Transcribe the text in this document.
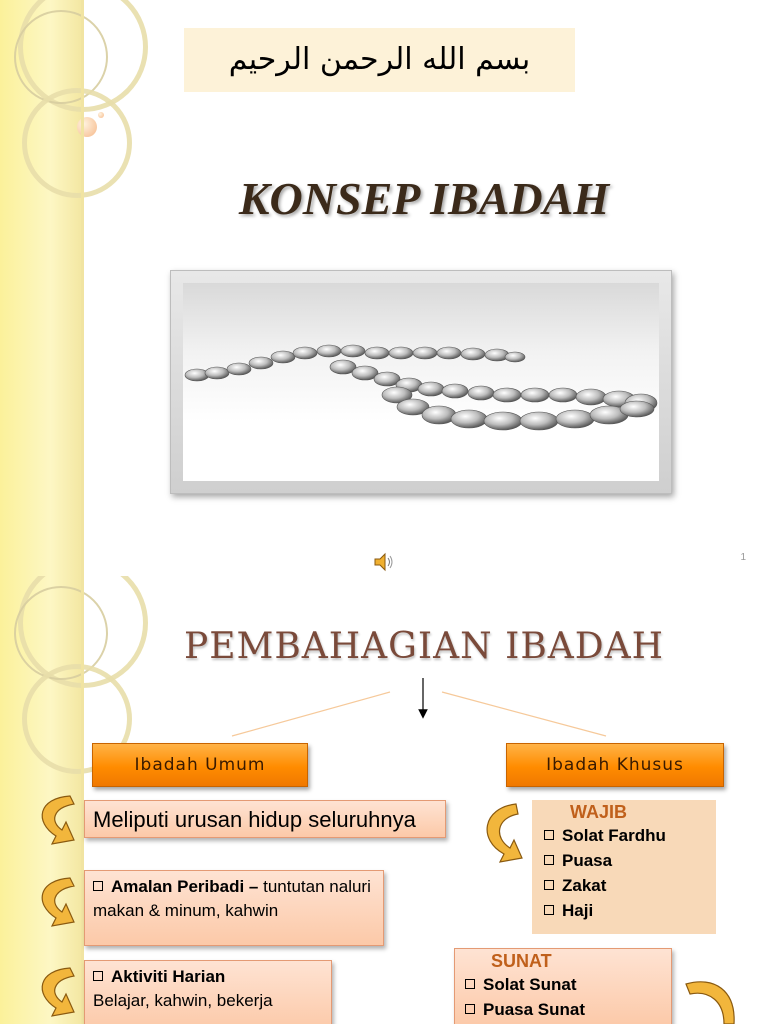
بسم الله الرحمن الرحيم
KONSEP IBADAH
1
PEMBAHAGIAN IBADAH
Ibadah Umum	Ibadah Khusus
Meliputi urusan hidup seluruhnya
Amalan Peribadi – tuntutan naluri makan & minum, kahwin
Aktiviti Harian
Belajar, kahwin, bekerja
WAJIB
Solat Fardhu
Puasa
Zakat
Haji
SUNAT
Solat Sunat
Puasa Sunat
